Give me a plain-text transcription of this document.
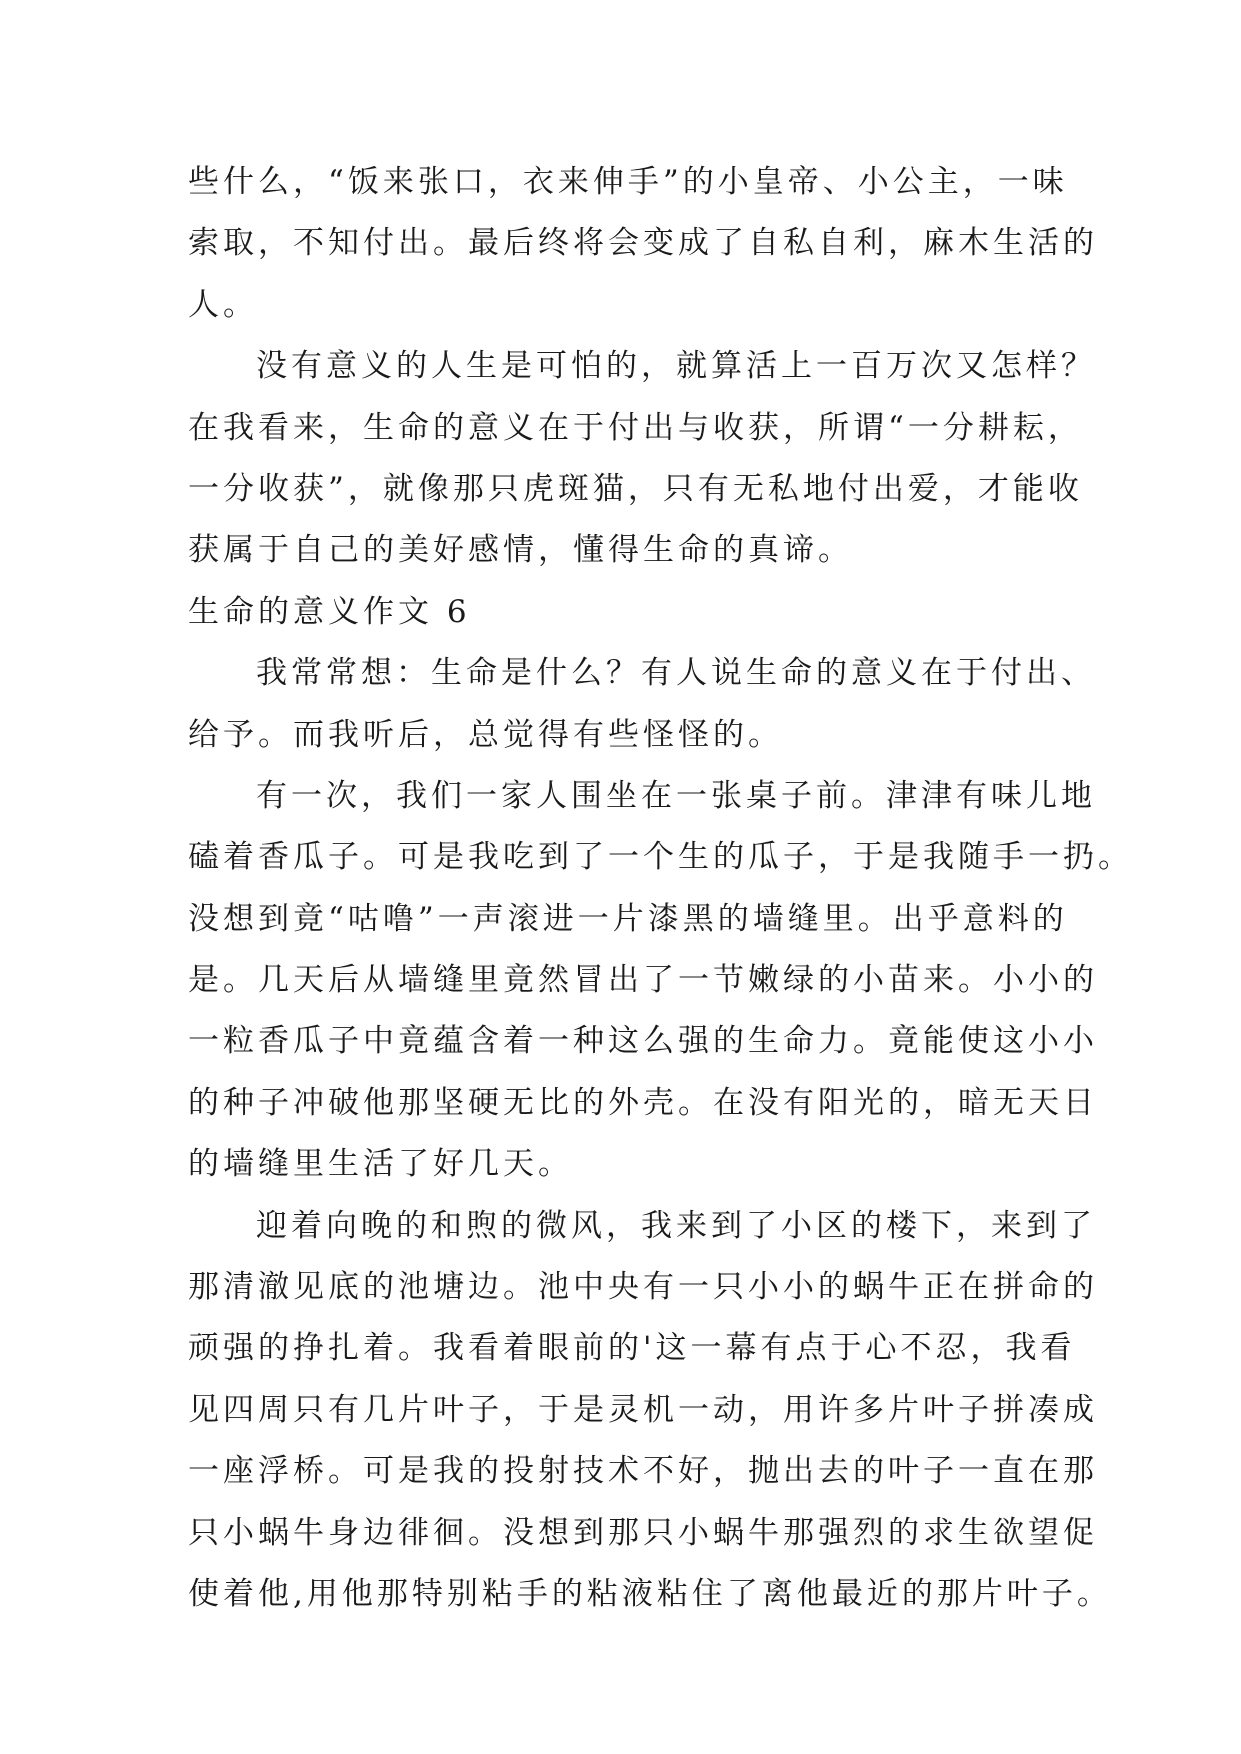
些什么，“饭来张口，衣来伸手”的小皇帝、小公主，一味
索取，不知付出。最后终将会变成了自私自利，麻木生活的
人。
没有意义的人生是可怕的，就算活上一百万次又怎样？
在我看来，生命的意义在于付出与收获，所谓“一分耕耘，
一分收获”，就像那只虎斑猫，只有无私地付出爱，才能收
获属于自己的美好感情，懂得生命的真谛。
生命的意义作文 6
我常常想：生命是什么？有人说生命的意义在于付出、
给予。而我听后，总觉得有些怪怪的。
有一次，我们一家人围坐在一张桌子前。津津有味儿地
磕着香瓜子。可是我吃到了一个生的瓜子，于是我随手一扔。
没想到竟“咕噜”一声滚进一片漆黑的墙缝里。出乎意料的
是。几天后从墙缝里竟然冒出了一节嫩绿的小苗来。小小的
一粒香瓜子中竟蕴含着一种这么强的生命力。竟能使这小小
的种子冲破他那坚硬无比的外壳。在没有阳光的，暗无天日
的墙缝里生活了好几天。
迎着向晚的和煦的微风，我来到了小区的楼下，来到了
那清澈见底的池塘边。池中央有一只小小的蜗牛正在拼命的
顽强的挣扎着。我看着眼前的'这一幕有点于心不忍，我看
见四周只有几片叶子，于是灵机一动，用许多片叶子拼凑成
一座浮桥。可是我的投射技术不好，抛出去的叶子一直在那
只小蜗牛身边徘徊。没想到那只小蜗牛那强烈的求生欲望促
使着他,用他那特别粘手的粘液粘住了离他最近的那片叶子。
